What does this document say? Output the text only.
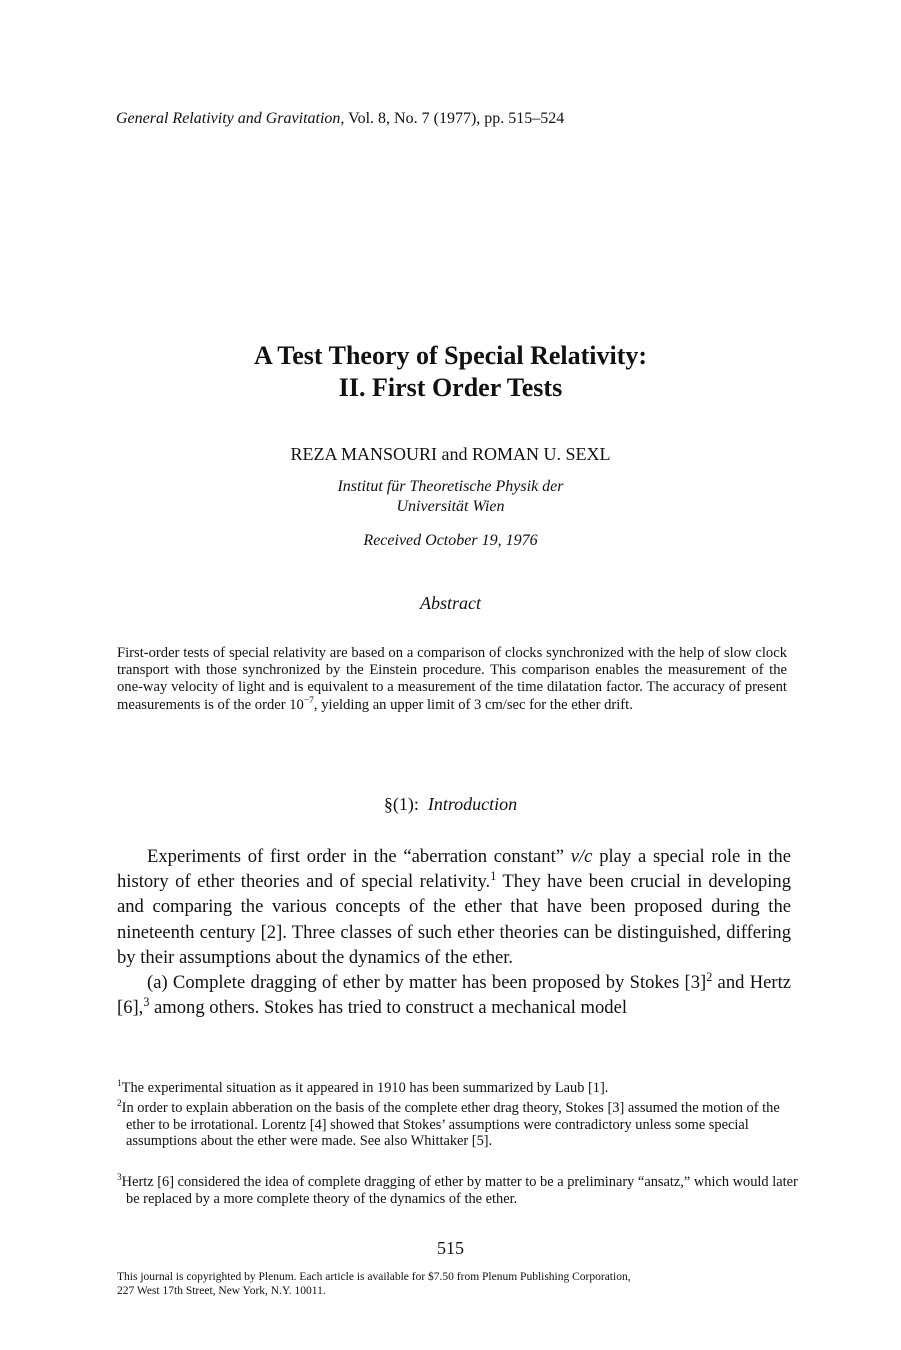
General Relativity and Gravitation, Vol. 8, No. 7 (1977), pp. 515–524
A Test Theory of Special Relativity:
II. First Order Tests
REZA MANSOURI and ROMAN U. SEXL
Institut für Theoretische Physik der
Universität Wien
Received October 19, 1976
Abstract
First-order tests of special relativity are based on a comparison of clocks synchronized with the help of slow clock transport with those synchronized by the Einstein procedure. This comparison enables the measurement of the one-way velocity of light and is equivalent to a measurement of the time dilatation factor. The accuracy of present measurements is of the order $10^{-7}$, yielding an upper limit of 3 cm/sec for the ether drift.
§(1): Introduction

Experiments of first order in the “aberration constant” v/c play a special role in the history of ether theories and of special relativity.$^1$ They have been crucial in developing and comparing the various concepts of the ether that have been proposed during the nineteenth century [2]. Three classes of such ether theories can be distinguished, differing by their assumptions about the dynamics of the ether.

(a) Complete dragging of ether by matter has been proposed by Stokes $[3]^2$ and Hertz [6],$^3$ among others. Stokes has tried to construct a mechanical model

$^1$The experimental situation as it appeared in 1910 has been summarized by Laub [1].
$^2$In order to explain abberation on the basis of the complete ether drag theory, Stokes [3] assumed the motion of the ether to be irrotational. Lorentz [4] showed that Stokes’ assumptions were contradictory unless some special assumptions about the ether were made. See also Whittaker [5].
$^3$Hertz [6] considered the idea of complete dragging of ether by matter to be a preliminary “ansatz,” which would later be replaced by a more complete theory of the dynamics of the ether.
515
This journal is copyrighted by Plenum. Each article is available for $7.50 from Plenum Publishing Corporation,
227 West 17th Street, New York, N.Y. 10011.
